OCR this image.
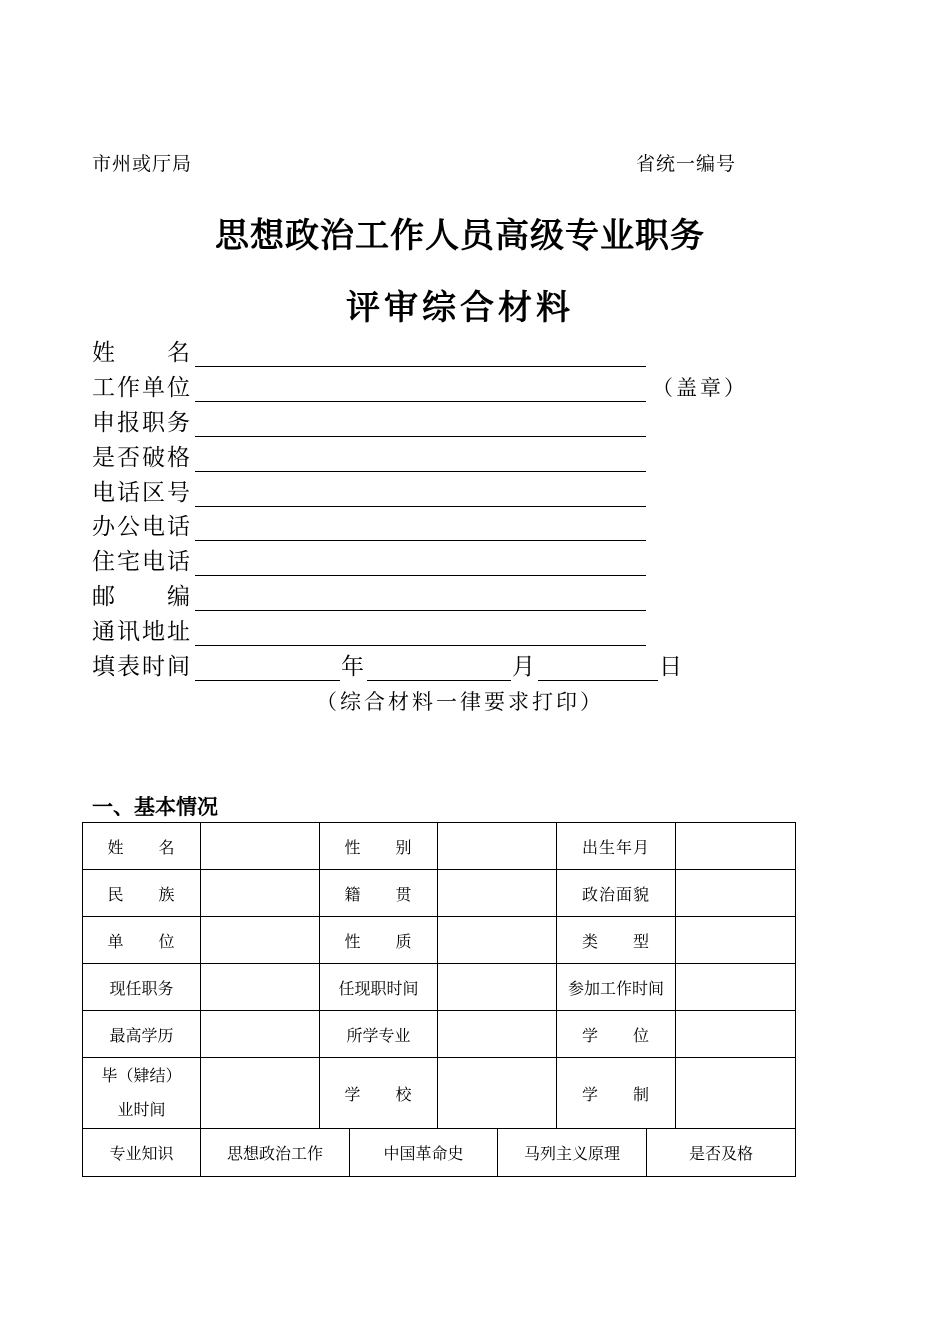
市州或厅局	省统一编号
思想政治工作人员高级专业职务
评审综合材料
姓　　名
工作单位	（盖章）
申报职务
是否破格
电话区号
办公电话
住宅电话
邮　　编
通讯地址
填表时间	年	月	日
（综合材料一律要求打印）
一、基本情况
姓　　名		性　　别		出生年月	
民　　族		籍　　贯		政治面貌	
单　　位		性　　质		类　　型	
现任职务		任现职时间		参加工作时间	
最高学历		所学专业		学　　位	

毕（肄结）
业时间		学　　校		学　　制	
专业知识	思想政治工作	中国革命史	马列主义原理	是否及格
